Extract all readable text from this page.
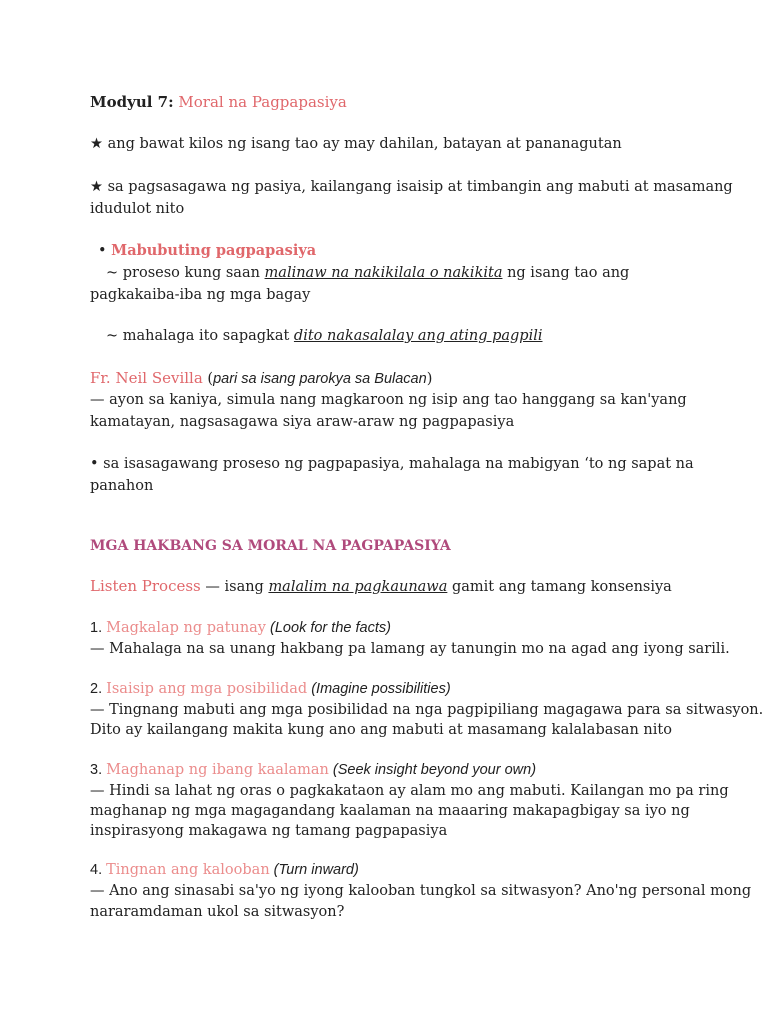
Modyul 7: Moral na Pagpapasiya
★ ang bawat kilos ng isang tao ay may dahilan, batayan at pananagutan
★ sa pagsasagawa ng pasiya, kailangang isaisip at timbangin ang mabuti at masamang
idudulot nito
• Mabubuting pagpapasiya
~ proseso kung saan malinaw na nakikilala o nakikita ng isang tao ang
pagkakaiba-iba ng mga bagay
~ mahalaga ito sapagkat dito nakasalalay ang ating pagpili
Fr. Neil Sevilla (pari sa isang parokya sa Bulacan)
— ayon sa kaniya, simula nang magkaroon ng isip ang tao hanggang sa kan'yang
kamatayan, nagsasagawa siya araw-araw ng pagpapasiya
• sa isasagawang proseso ng pagpapasiya, mahalaga na mabigyan ‘to ng sapat na
panahon
MGA HAKBANG SA MORAL NA PAGPAPASIYA
Listen Process — isang malalim na pagkaunawa gamit ang tamang konsensiya
1. Magkalap ng patunay (Look for the facts)
— Mahalaga na sa unang hakbang pa lamang ay tanungin mo na agad ang iyong sarili.
2. Isaisip ang mga posibilidad (Imagine possibilities)
— Tingnang mabuti ang mga posibilidad na nga pagpipiliang magagawa para sa sitwasyon.
Dito ay kailangang makita kung ano ang mabuti at masamang kalalabasan nito
3. Maghanap ng ibang kaalaman (Seek insight beyond your own)
— Hindi sa lahat ng oras o pagkakataon ay alam mo ang mabuti. Kailangan mo pa ring
maghanap ng mga magagandang kaalaman na maaaring makapagbigay sa iyo ng
inspirasyong makagawa ng tamang pagpapasiya
4. Tingnan ang kalooban (Turn inward)
— Ano ang sinasabi sa'yo ng iyong kalooban tungkol sa sitwasyon? Ano'ng personal mong
nararamdaman ukol sa sitwasyon?
